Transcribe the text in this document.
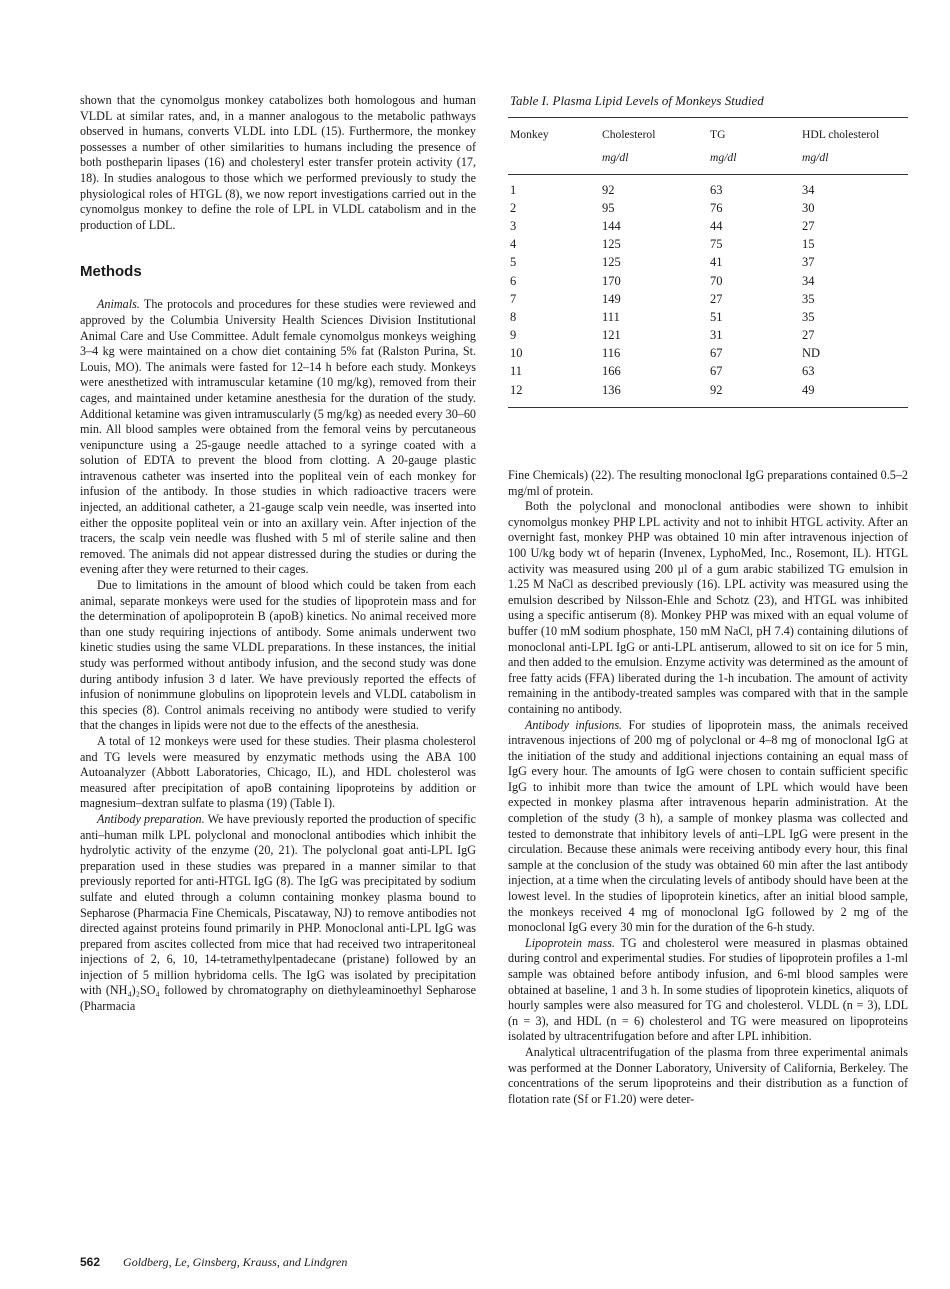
shown that the cynomolgus monkey catabolizes both homologous and human VLDL at similar rates, and, in a manner analogous to the metabolic pathways observed in humans, converts VLDL into LDL (15). Furthermore, the monkey possesses a number of other similarities to humans including the presence of both postheparin lipases (16) and cholesteryl ester transfer protein activity (17, 18). In studies analogous to those which we performed previously to study the physiological roles of HTGL (8), we now report investigations carried out in the cynomolgus monkey to define the role of LPL in VLDL catabolism and in the production of LDL.

Methods

Animals. The protocols and procedures for these studies were reviewed and approved by the Columbia University Health Sciences Division Institutional Animal Care and Use Committee. Adult female cynomolgus monkeys weighing 3–4 kg were maintained on a chow diet containing 5% fat (Ralston Purina, St. Louis, MO). The animals were fasted for 12–14 h before each study. Monkeys were anesthetized with intramuscular ketamine (10 mg/kg), removed from their cages, and maintained under ketamine anesthesia for the duration of the study. Additional ketamine was given intramuscularly (5 mg/kg) as needed every 30–60 min. All blood samples were obtained from the femoral veins by percutaneous venipuncture using a 25-gauge needle attached to a syringe coated with a solution of EDTA to prevent the blood from clotting. A 20-gauge plastic intravenous catheter was inserted into the popliteal vein of each monkey for infusion of the antibody. In those studies in which radioactive tracers were injected, an additional catheter, a 21-gauge scalp vein needle, was inserted into either the opposite popliteal vein or into an axillary vein. After injection of the tracers, the scalp vein needle was flushed with 5 ml of sterile saline and then removed. The animals did not appear distressed during the studies or during the evening after they were returned to their cages.

Due to limitations in the amount of blood which could be taken from each animal, separate monkeys were used for the studies of lipoprotein mass and for the determination of apolipoprotein B (apoB) kinetics. No animal received more than one study requiring injections of antibody. Some animals underwent two kinetic studies using the same VLDL preparations. In these instances, the initial study was performed without antibody infusion, and the second study was done during antibody infusion 3 d later. We have previously reported the effects of infusion of nonimmune globulins on lipoprotein levels and VLDL catabolism in this species (8). Control animals receiving no antibody were studied to verify that the changes in lipids were not due to the effects of the anesthesia.

A total of 12 monkeys were used for these studies. Their plasma cholesterol and TG levels were measured by enzymatic methods using the ABA 100 Autoanalyzer (Abbott Laboratories, Chicago, IL), and HDL cholesterol was measured after precipitation of apoB containing lipoproteins by addition or magnesium–dextran sulfate to plasma (19) (Table I).

Antibody preparation. We have previously reported the production of specific anti–human milk LPL polyclonal and monoclonal antibodies which inhibit the hydrolytic activity of the enzyme (20, 21). The polyclonal goat anti-LPL IgG preparation used in these studies was prepared in a manner similar to that previously reported for anti-HTGL IgG (8). The IgG was precipitated by sodium sulfate and eluted through a column containing monkey plasma bound to Sepharose (Pharmacia Fine Chemicals, Piscataway, NJ) to remove antibodies not directed against proteins found primarily in PHP. Monoclonal anti-LPL IgG was prepared from ascites collected from mice that had received two intraperitoneal injections of 2, 6, 10, 14-tetramethylpentadecane (pristane) followed by an injection of 5 million hybridoma cells. The IgG was isolated by precipitation with (NH₄)₂SO₄ followed by chromatography on diethyleaminoethyl Sepharose (Pharmacia

Table I. Plasma Lipid Levels of Monkeys Studied
Monkey	Cholesterol	TG	HDL cholesterol
	mg/dl	mg/dl	mg/dl
1	92	63	34
2	95	76	30
3	144	44	27
4	125	75	15
5	125	41	37
6	170	70	34
7	149	27	35
8	111	51	35
9	121	31	27
10	116	67	ND
11	166	67	63
12	136	92	49

Fine Chemicals) (22). The resulting monoclonal IgG preparations contained 0.5–2 mg/ml of protein.

Both the polyclonal and monoclonal antibodies were shown to inhibit cynomolgus monkey PHP LPL activity and not to inhibit HTGL activity. After an overnight fast, monkey PHP was obtained 10 min after intravenous injection of 100 U/kg body wt of heparin (Invenex, LyphoMed, Inc., Rosemont, IL). HTGL activity was measured using 200 μl of a gum arabic stabilized TG emulsion in 1.25 M NaCl as described previously (16). LPL activity was measured using the emulsion described by Nilsson-Ehle and Schotz (23), and HTGL was inhibited using a specific antiserum (8). Monkey PHP was mixed with an equal volume of buffer (10 mM sodium phosphate, 150 mM NaCl, pH 7.4) containing dilutions of monoclonal anti-LPL IgG or anti-LPL antiserum, allowed to sit on ice for 5 min, and then added to the emulsion. Enzyme activity was determined as the amount of free fatty acids (FFA) liberated during the 1-h incubation. The amount of activity remaining in the antibody-treated samples was compared with that in the sample containing no antibody.

Antibody infusions. For studies of lipoprotein mass, the animals received intravenous injections of 200 mg of polyclonal or 4–8 mg of monoclonal IgG at the initiation of the study and additional injections containing an equal mass of IgG every hour. The amounts of IgG were chosen to contain sufficient specific IgG to inhibit more than twice the amount of LPL which would have been expected in monkey plasma after intravenous heparin administration. At the completion of the study (3 h), a sample of monkey plasma was collected and tested to demonstrate that inhibitory levels of anti–LPL IgG were present in the circulation. Because these animals were receiving antibody every hour, this final sample at the conclusion of the study was obtained 60 min after the last antibody injection, at a time when the circulating levels of antibody should have been at the lowest level. In the studies of lipoprotein kinetics, after an initial blood sample, the monkeys received 4 mg of monoclonal IgG followed by 2 mg of the monoclonal IgG every 30 min for the duration of the 6-h study.

Lipoprotein mass. TG and cholesterol were measured in plasmas obtained during control and experimental studies. For studies of lipoprotein profiles a 1-ml sample was obtained before antibody infusion, and 6-ml blood samples were obtained at baseline, 1 and 3 h. In some studies of lipoprotein kinetics, aliquots of hourly samples were also measured for TG and cholesterol. VLDL (n = 3), LDL (n = 3), and HDL (n = 6) cholesterol and TG were measured on lipoproteins isolated by ultracentrifugation before and after LPL inhibition.

Analytical ultracentrifugation of the plasma from three experimental animals was performed at the Donner Laboratory, University of California, Berkeley. The concentrations of the serum lipoproteins and their distribution as a function of flotation rate (Sf or F1.20) were deter-

562 Goldberg, Le, Ginsberg, Krauss, and Lindgren
